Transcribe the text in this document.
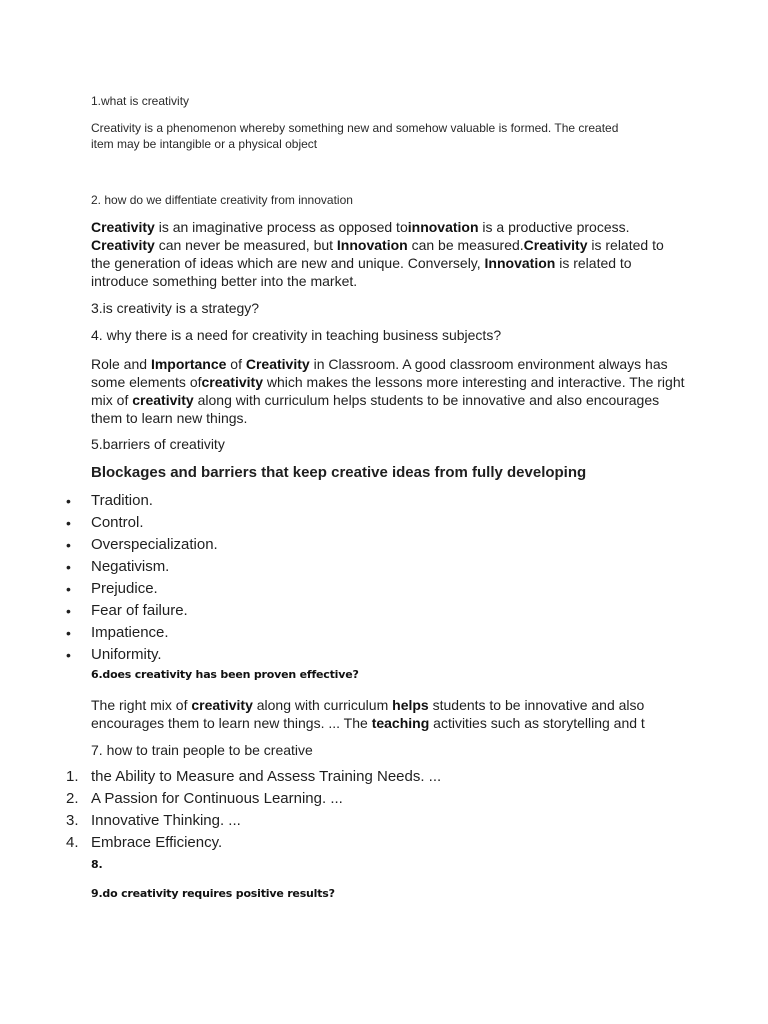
1.what is creativity

Creativity is a phenomenon whereby something new and somehow valuable is formed. The created
item may be intangible or a physical object

2. how do we diffentiate creativity from innovation

Creativity is an imaginative process as opposed toinnovation is a productive process. Creativity can never be measured, but Innovation can be measured.Creativity is related to the generation of ideas which are new and unique. Conversely, Innovation is related to introduce something better into the market.

3.is creativity is a strategy?

4. why there is a need for creativity in teaching business subjects?

Role and Importance of Creativity in Classroom. A good classroom environment always has some elements ofcreativity which makes the lessons more interesting and interactive. The right mix of creativity along with curriculum helps students to be innovative and also encourages them to learn new things.

5.barriers of creativity

Blockages and barriers that keep creative ideas from fully developing

• Tradition.
• Control.
• Overspecialization.
• Negativism.
• Prejudice.
• Fear of failure.
• Impatience.
• Uniformity.

6.does creativity has been proven effective?

The right mix of creativity along with curriculum helps students to be innovative and also encourages them to learn new things. ... The teaching activities such as storytelling and t

7. how to train people to be creative

1. the Ability to Measure and Assess Training Needs. ...
2. A Passion for Continuous Learning. ...
3. Innovative Thinking. ...
4. Embrace Efficiency.

8.

9.do creativity requires positive results?
